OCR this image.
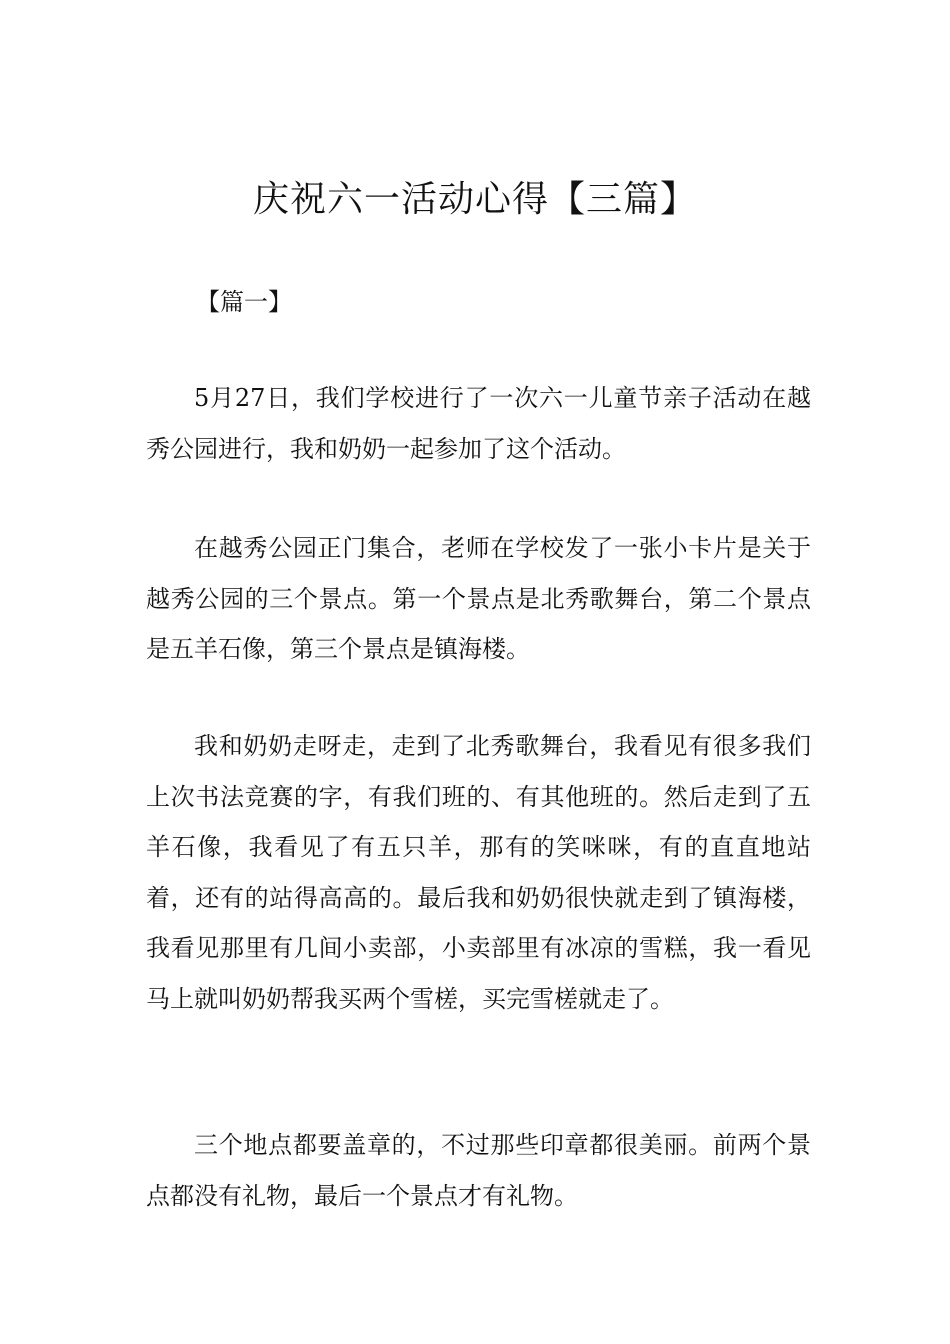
庆祝六一活动心得【三篇】
【篇一】

5月27日，我们学校进行了一次六一儿童节亲子活动在越秀公园进行，我和奶奶一起参加了这个活动。

在越秀公园正门集合，老师在学校发了一张小卡片是关于越秀公园的三个景点。第一个景点是北秀歌舞台，第二个景点是五羊石像，第三个景点是镇海楼。

我和奶奶走呀走，走到了北秀歌舞台，我看见有很多我们上次书法竞赛的字，有我们班的、有其他班的。然后走到了五羊石像，我看见了有五只羊，那有的笑咪咪，有的直直地站着，还有的站得高高的。最后我和奶奶很快就走到了镇海楼，我看见那里有几间小卖部，小卖部里有冰凉的雪糕，我一看见马上就叫奶奶帮我买两个雪槎，买完雪槎就走了。

三个地点都要盖章的，不过那些印章都很美丽。前两个景点都没有礼物，最后一个景点才有礼物。
